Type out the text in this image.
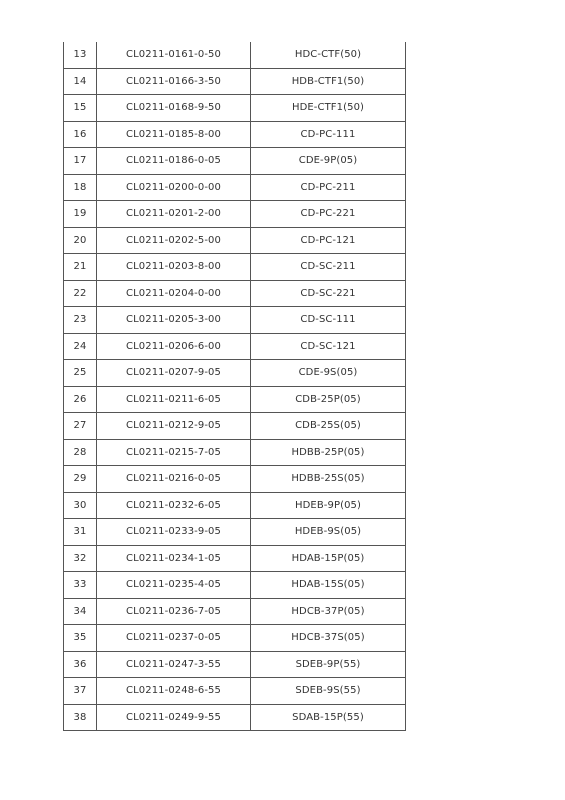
13	CL0211-0161-0-50	HDC-CTF(50)
14	CL0211-0166-3-50	HDB-CTF1(50)
15	CL0211-0168-9-50	HDE-CTF1(50)
16	CL0211-0185-8-00	CD-PC-111
17	CL0211-0186-0-05	CDE-9P(05)
18	CL0211-0200-0-00	CD-PC-211
19	CL0211-0201-2-00	CD-PC-221
20	CL0211-0202-5-00	CD-PC-121
21	CL0211-0203-8-00	CD-SC-211
22	CL0211-0204-0-00	CD-SC-221
23	CL0211-0205-3-00	CD-SC-111
24	CL0211-0206-6-00	CD-SC-121
25	CL0211-0207-9-05	CDE-9S(05)
26	CL0211-0211-6-05	CDB-25P(05)
27	CL0211-0212-9-05	CDB-25S(05)
28	CL0211-0215-7-05	HDBB-25P(05)
29	CL0211-0216-0-05	HDBB-25S(05)
30	CL0211-0232-6-05	HDEB-9P(05)
31	CL0211-0233-9-05	HDEB-9S(05)
32	CL0211-0234-1-05	HDAB-15P(05)
33	CL0211-0235-4-05	HDAB-15S(05)
34	CL0211-0236-7-05	HDCB-37P(05)
35	CL0211-0237-0-05	HDCB-37S(05)
36	CL0211-0247-3-55	SDEB-9P(55)
37	CL0211-0248-6-55	SDEB-9S(55)
38	CL0211-0249-9-55	SDAB-15P(55)
